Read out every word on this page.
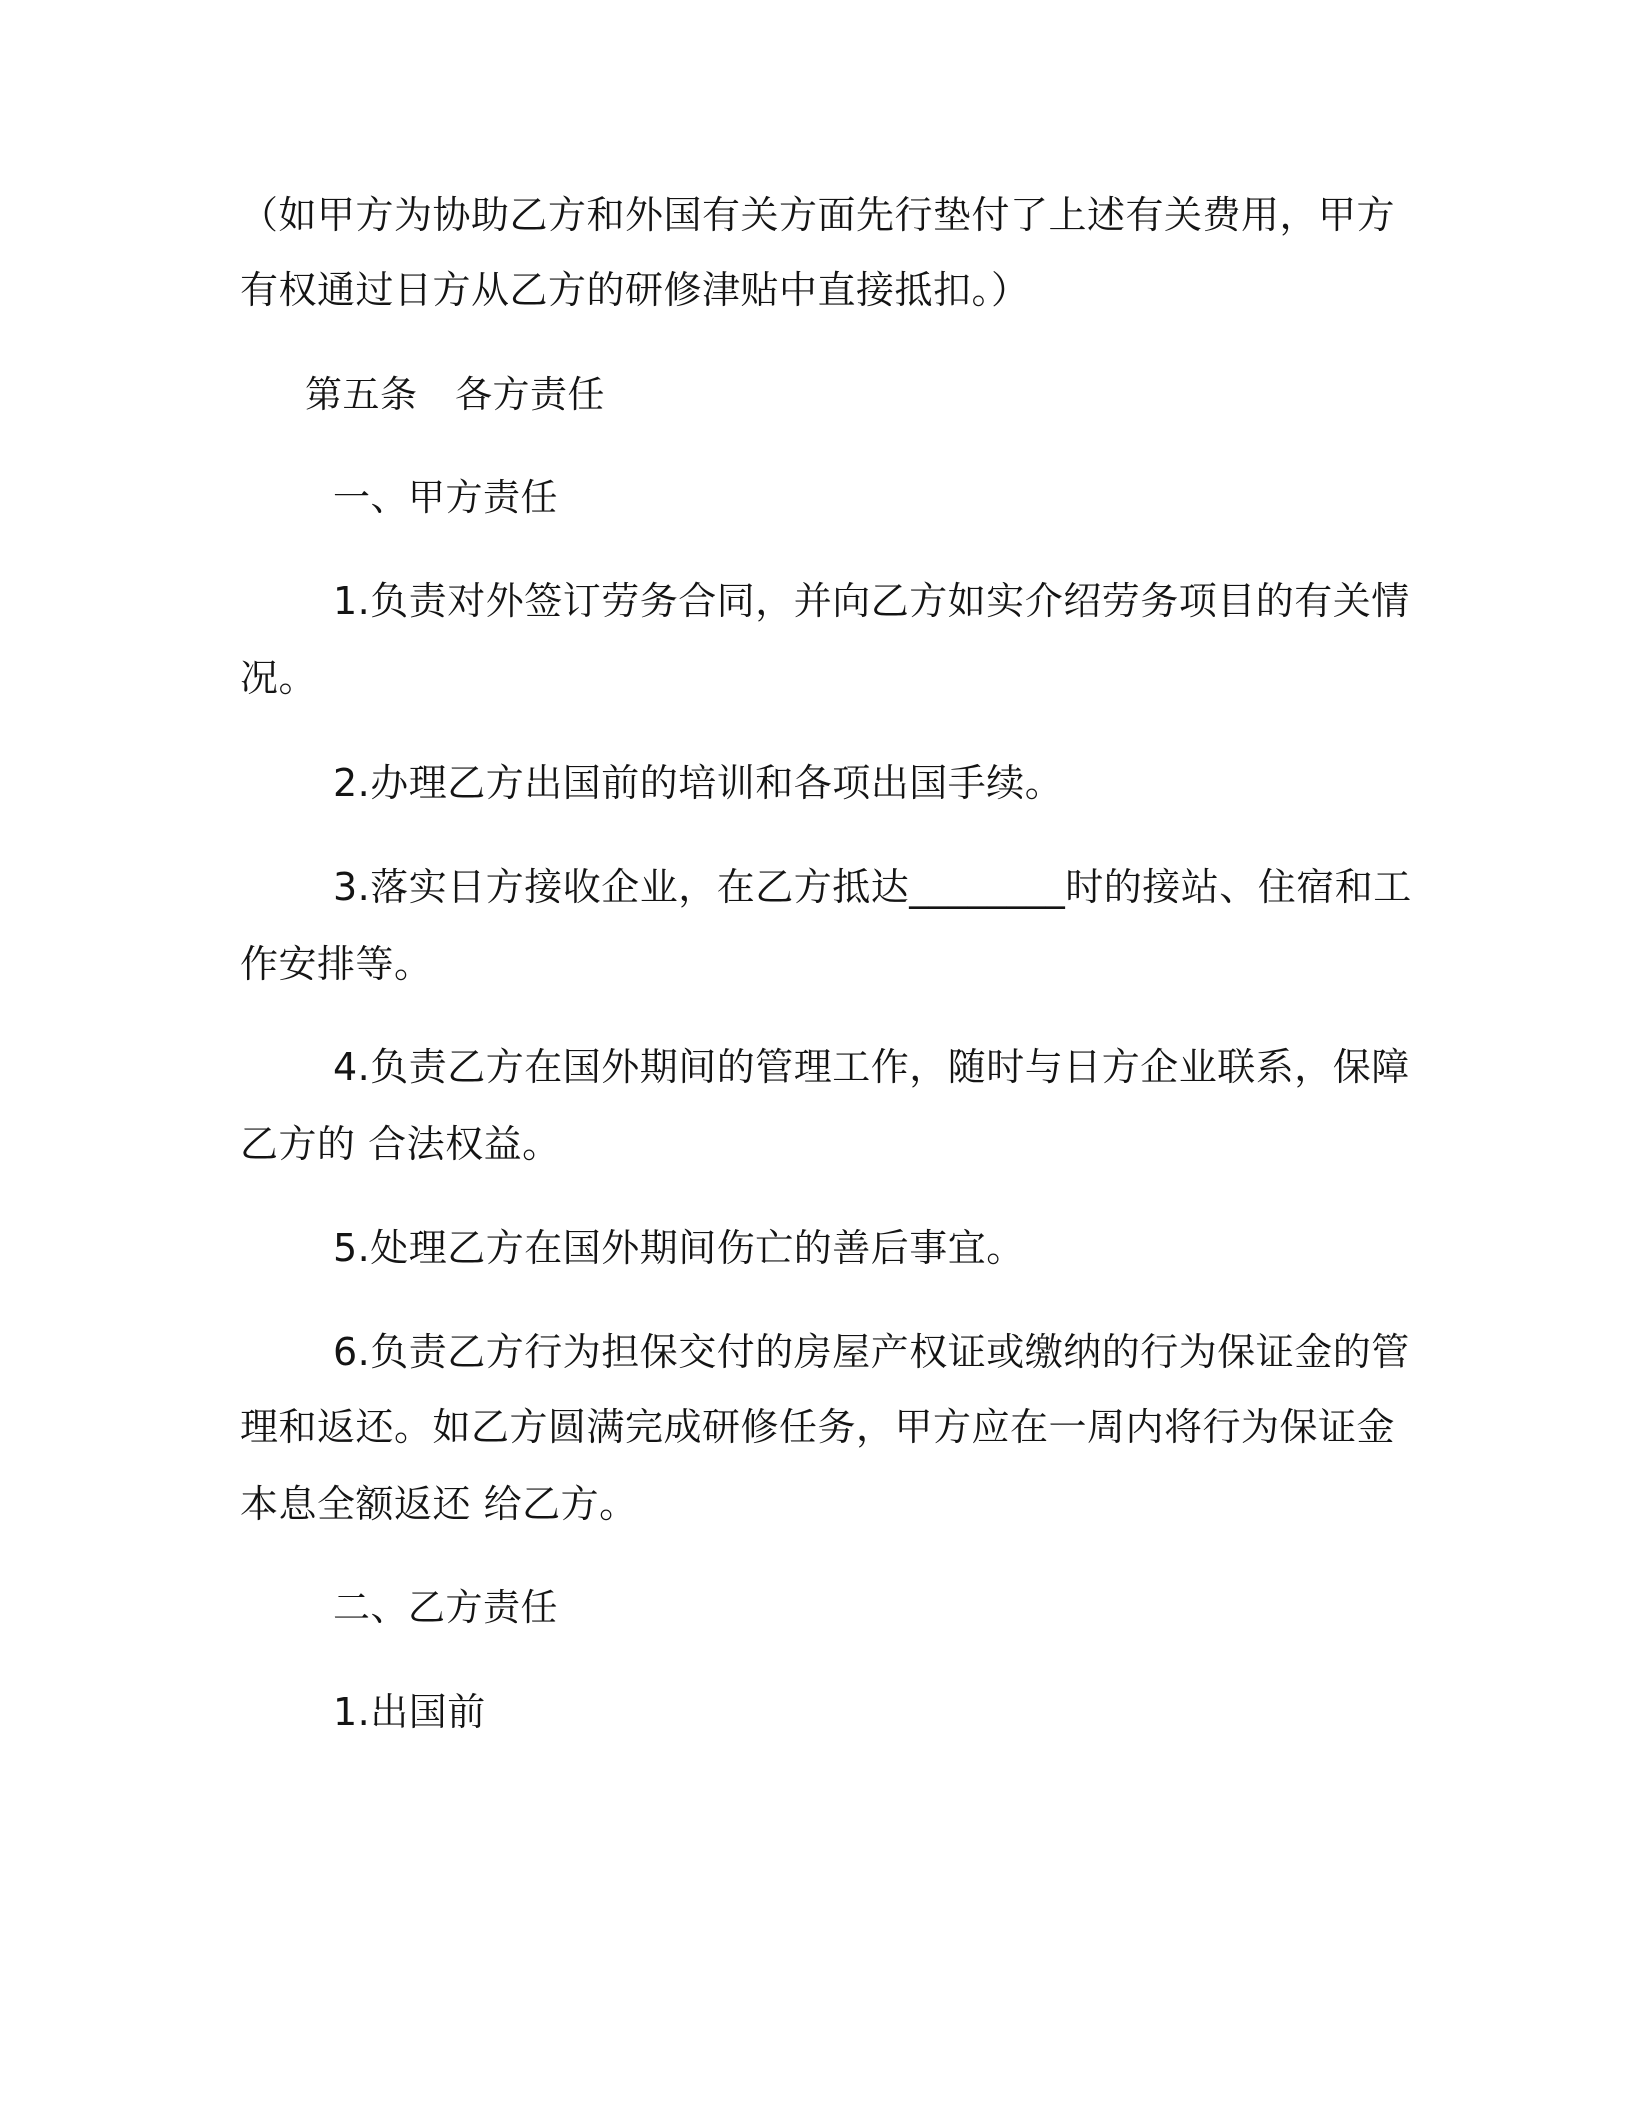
（如甲方为协助乙方和外国有关方面先行垫付了上述有关费用，甲方

有权通过日方从乙方的研修津贴中直接抵扣。）

第五条　各方责任

一、甲方责任

1.负责对外签订劳务合同，并向乙方如实介绍劳务项目的有关情

况。

2.办理乙方出国前的培训和各项出国手续。

3.落实日方接收企业，在乙方抵达________时的接站、住宿和工

作安排等。

4.负责乙方在国外期间的管理工作，随时与日方企业联系，保障

乙方的 合法权益。

5.处理乙方在国外期间伤亡的善后事宜。

6.负责乙方行为担保交付的房屋产权证或缴纳的行为保证金的管

理和返还。如乙方圆满完成研修任务，甲方应在一周内将行为保证金

本息全额返还 给乙方。

二、乙方责任

1.出国前
